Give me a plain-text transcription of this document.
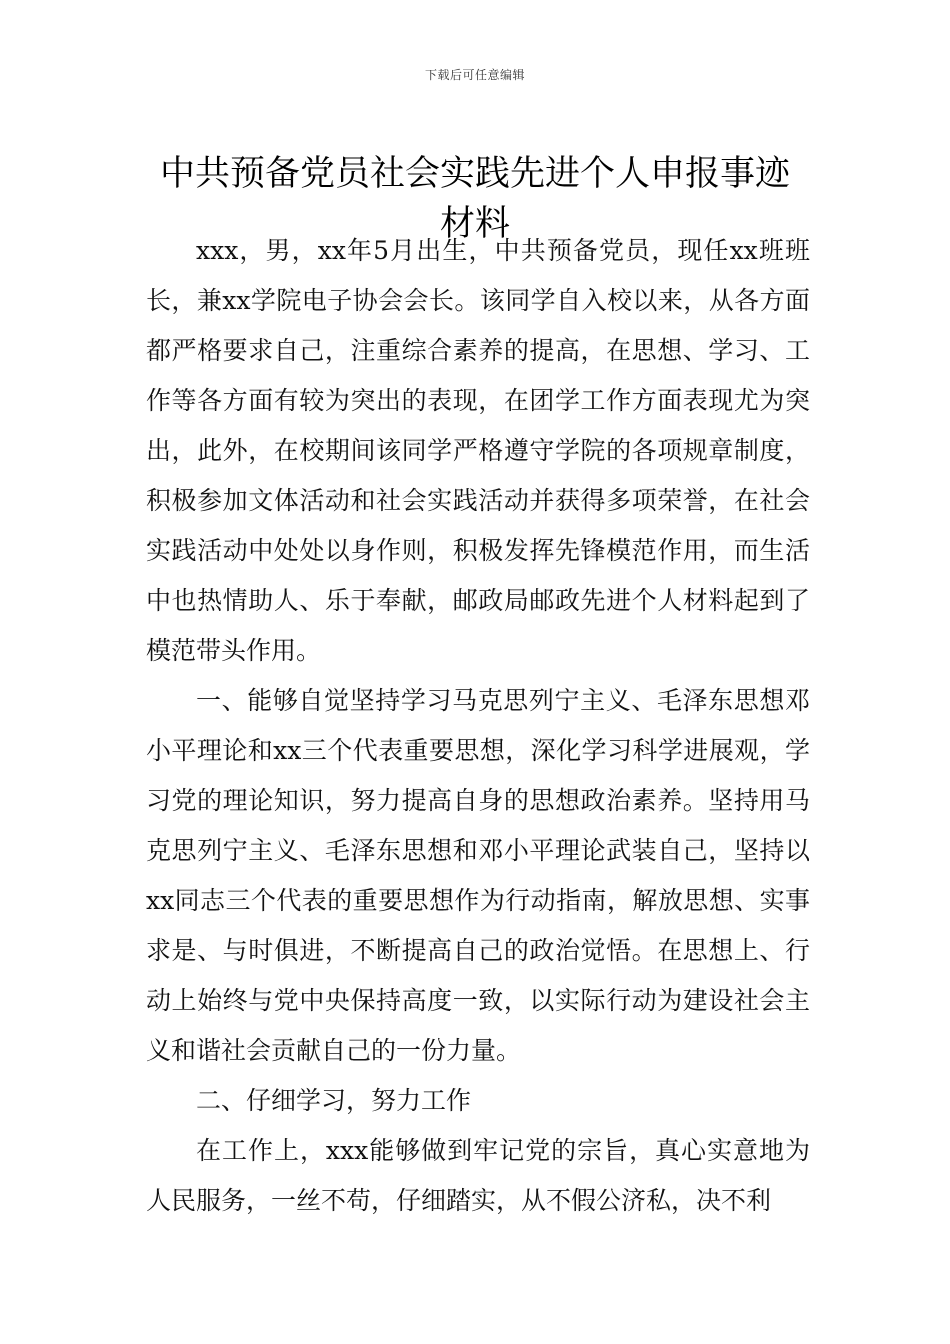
下载后可任意编辑
中共预备党员社会实践先进个人申报事迹
材料

xxx，男，xx年5月出生，中共预备党员，现任xx班班长，兼xx学院电子协会会长。该同学自入校以来，从各方面都严格要求自己，注重综合素养的提高，在思想、学习、工作等各方面有较为突出的表现，在团学工作方面表现尤为突出，此外，在校期间该同学严格遵守学院的各项规章制度，积极参加文体活动和社会实践活动并获得多项荣誉，在社会实践活动中处处以身作则，积极发挥先锋模范作用，而生活中也热情助人、乐于奉献，邮政局邮政先进个人材料起到了模范带头作用。

一、能够自觉坚持学习马克思列宁主义、毛泽东思想邓小平理论和xx三个代表重要思想，深化学习科学进展观，学习党的理论知识，努力提高自身的思想政治素养。坚持用马克思列宁主义、毛泽东思想和邓小平理论武装自己，坚持以xx同志三个代表的重要思想作为行动指南，解放思想、实事求是、与时俱进，不断提高自己的政治觉悟。在思想上、行动上始终与党中央保持高度一致，以实际行动为建设社会主义和谐社会贡献自己的一份力量。

二、仔细学习，努力工作

在工作上，xxx能够做到牢记党的宗旨，真心实意地为人民服务，一丝不苟，仔细踏实，从不假公济私，决不利
